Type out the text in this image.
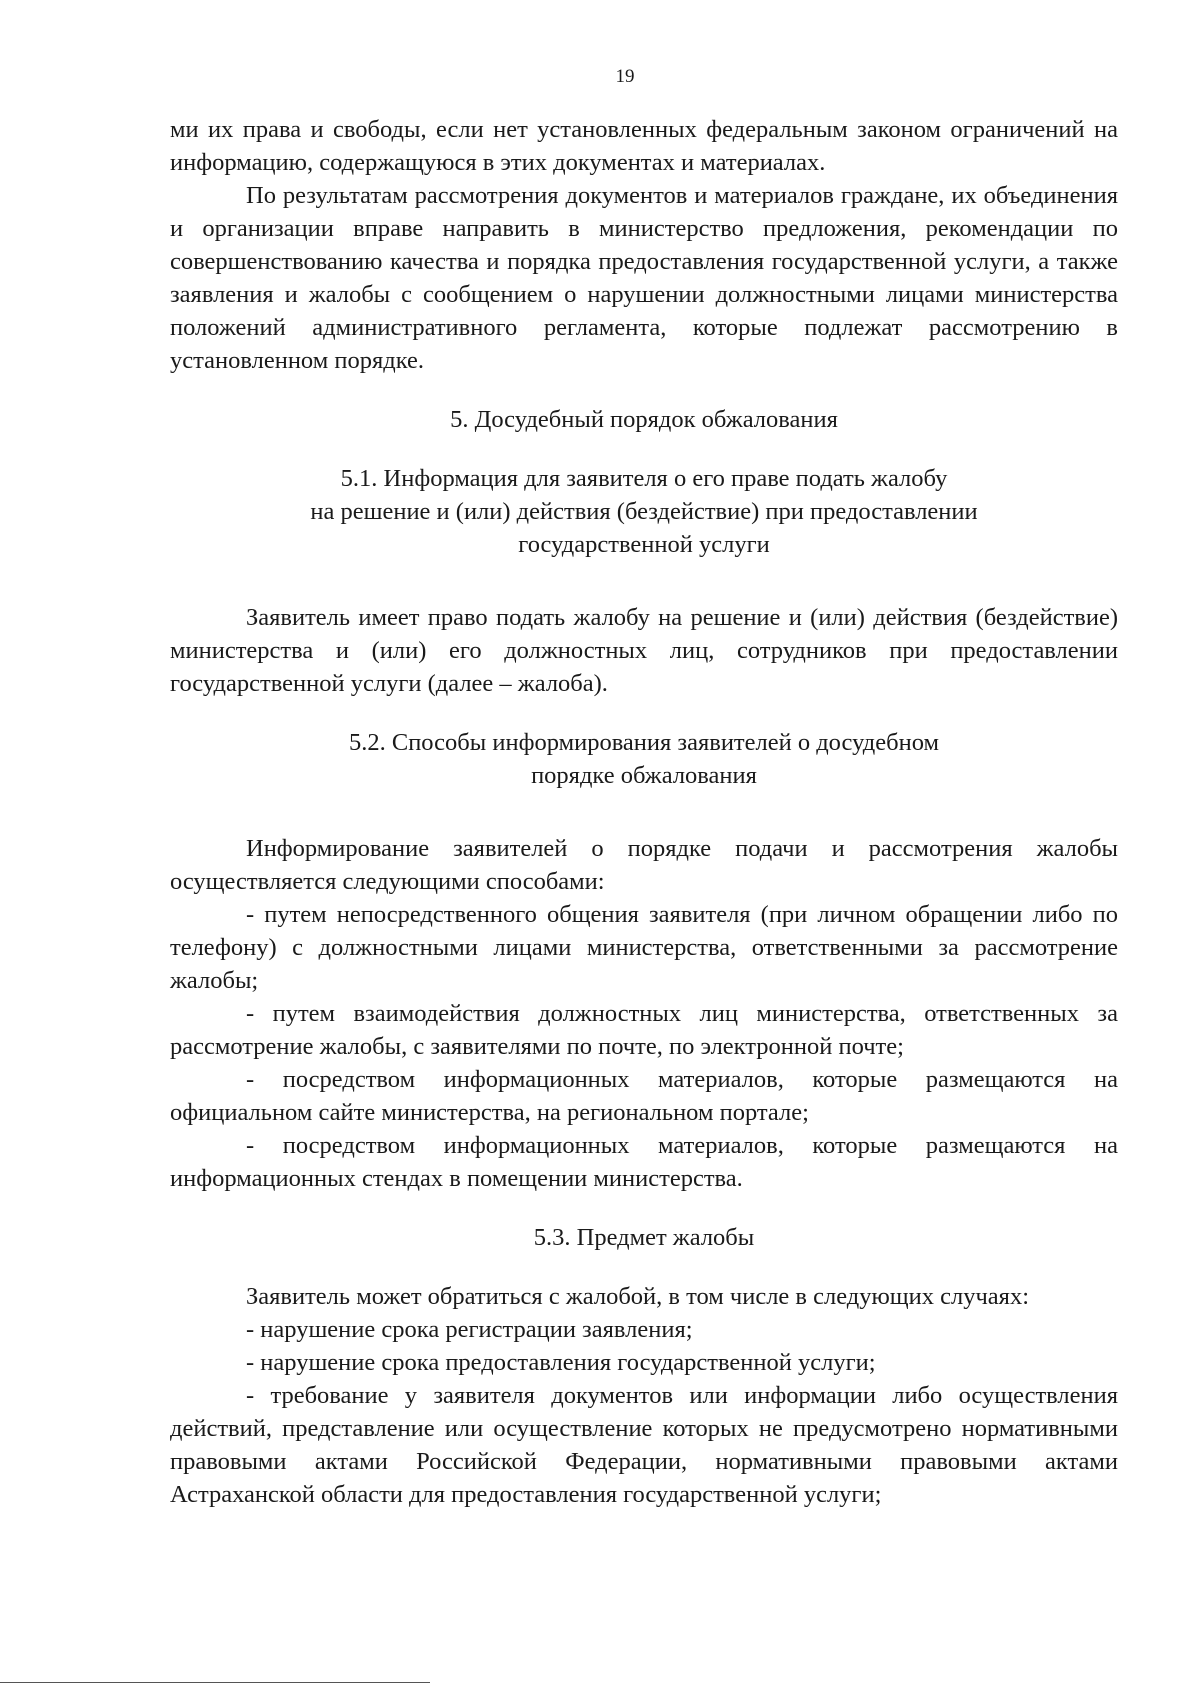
19

ми их права и свободы, если нет установленных федеральным законом ограничений на информацию, содержащуюся в этих документах и материалах.

По результатам рассмотрения документов и материалов граждане, их объединения и организации вправе направить в министерство предложения, рекомендации по совершенствованию качества и порядка предоставления государственной услуги, а также заявления и жалобы с сообщением о нарушении должностными лицами министерства положений административного регламента, которые подлежат рассмотрению в установленном порядке.

5. Досудебный порядок обжалования

5.1. Информация для заявителя о его праве подать жалобу

на решение и (или) действия (бездействие) при предоставлении

государственной услуги

Заявитель имеет право подать жалобу на решение и (или) действия (бездействие) министерства и (или) его должностных лиц, сотрудников при предоставлении государственной услуги (далее – жалоба).

5.2. Способы информирования заявителей о досудебном

порядке обжалования

Информирование заявителей о порядке подачи и рассмотрения жалобы осуществляется следующими способами:

- путем непосредственного общения заявителя (при личном обращении либо по телефону) с должностными лицами министерства, ответственными за рассмотрение жалобы;

- путем взаимодействия должностных лиц министерства, ответственных за рассмотрение жалобы, с заявителями по почте, по электронной почте;

- посредством информационных материалов, которые размещаются на официальном сайте министерства, на региональном портале;

- посредством информационных материалов, которые размещаются на информационных стендах в помещении министерства.

5.3. Предмет жалобы

Заявитель может обратиться с жалобой, в том числе в следующих случаях:

- нарушение срока регистрации заявления;

- нарушение срока предоставления государственной услуги;

- требование у заявителя документов или информации либо осуществления действий, представление или осуществление которых не предусмотрено нормативными правовыми актами Российской Федерации, нормативными правовыми актами Астраханской области для предоставления государственной услуги;
